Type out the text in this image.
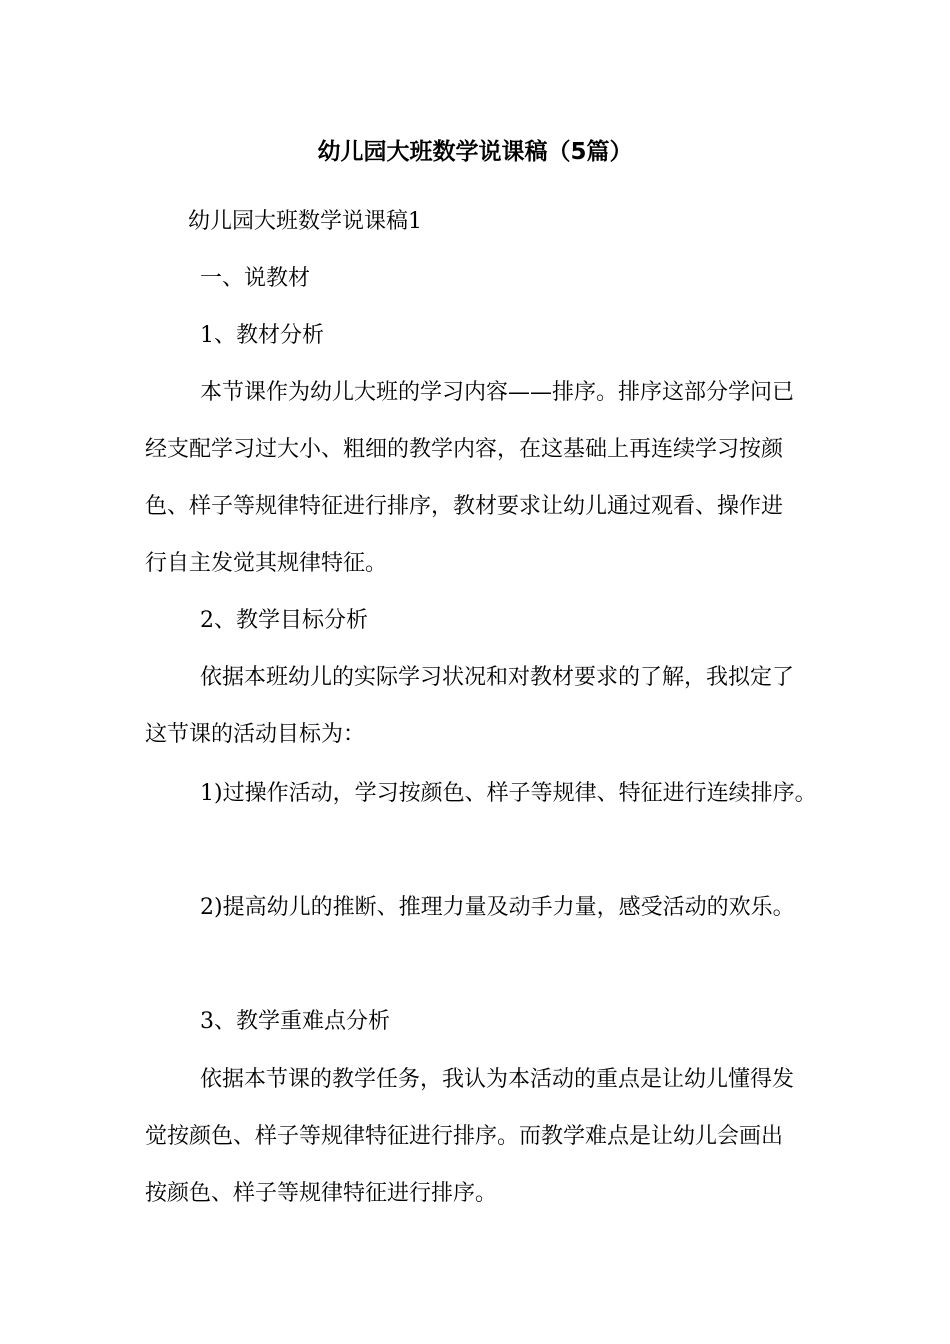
幼儿园大班数学说课稿（5篇）
幼儿园大班数学说课稿1
一、说教材
1、教材分析
本节课作为幼儿大班的学习内容——排序。排序这部分学问已
经支配学习过大小、粗细的教学内容，在这基础上再连续学习按颜
色、样子等规律特征进行排序，教材要求让幼儿通过观看、操作进
行自主发觉其规律特征。
2、教学目标分析
依据本班幼儿的实际学习状况和对教材要求的了解，我拟定了
这节课的活动目标为：
1)过操作活动，学习按颜色、样子等规律、特征进行连续排序。
2)提高幼儿的推断、推理力量及动手力量，感受活动的欢乐。
3、教学重难点分析
依据本节课的教学任务，我认为本活动的重点是让幼儿懂得发
觉按颜色、样子等规律特征进行排序。而教学难点是让幼儿会画出
按颜色、样子等规律特征进行排序。
